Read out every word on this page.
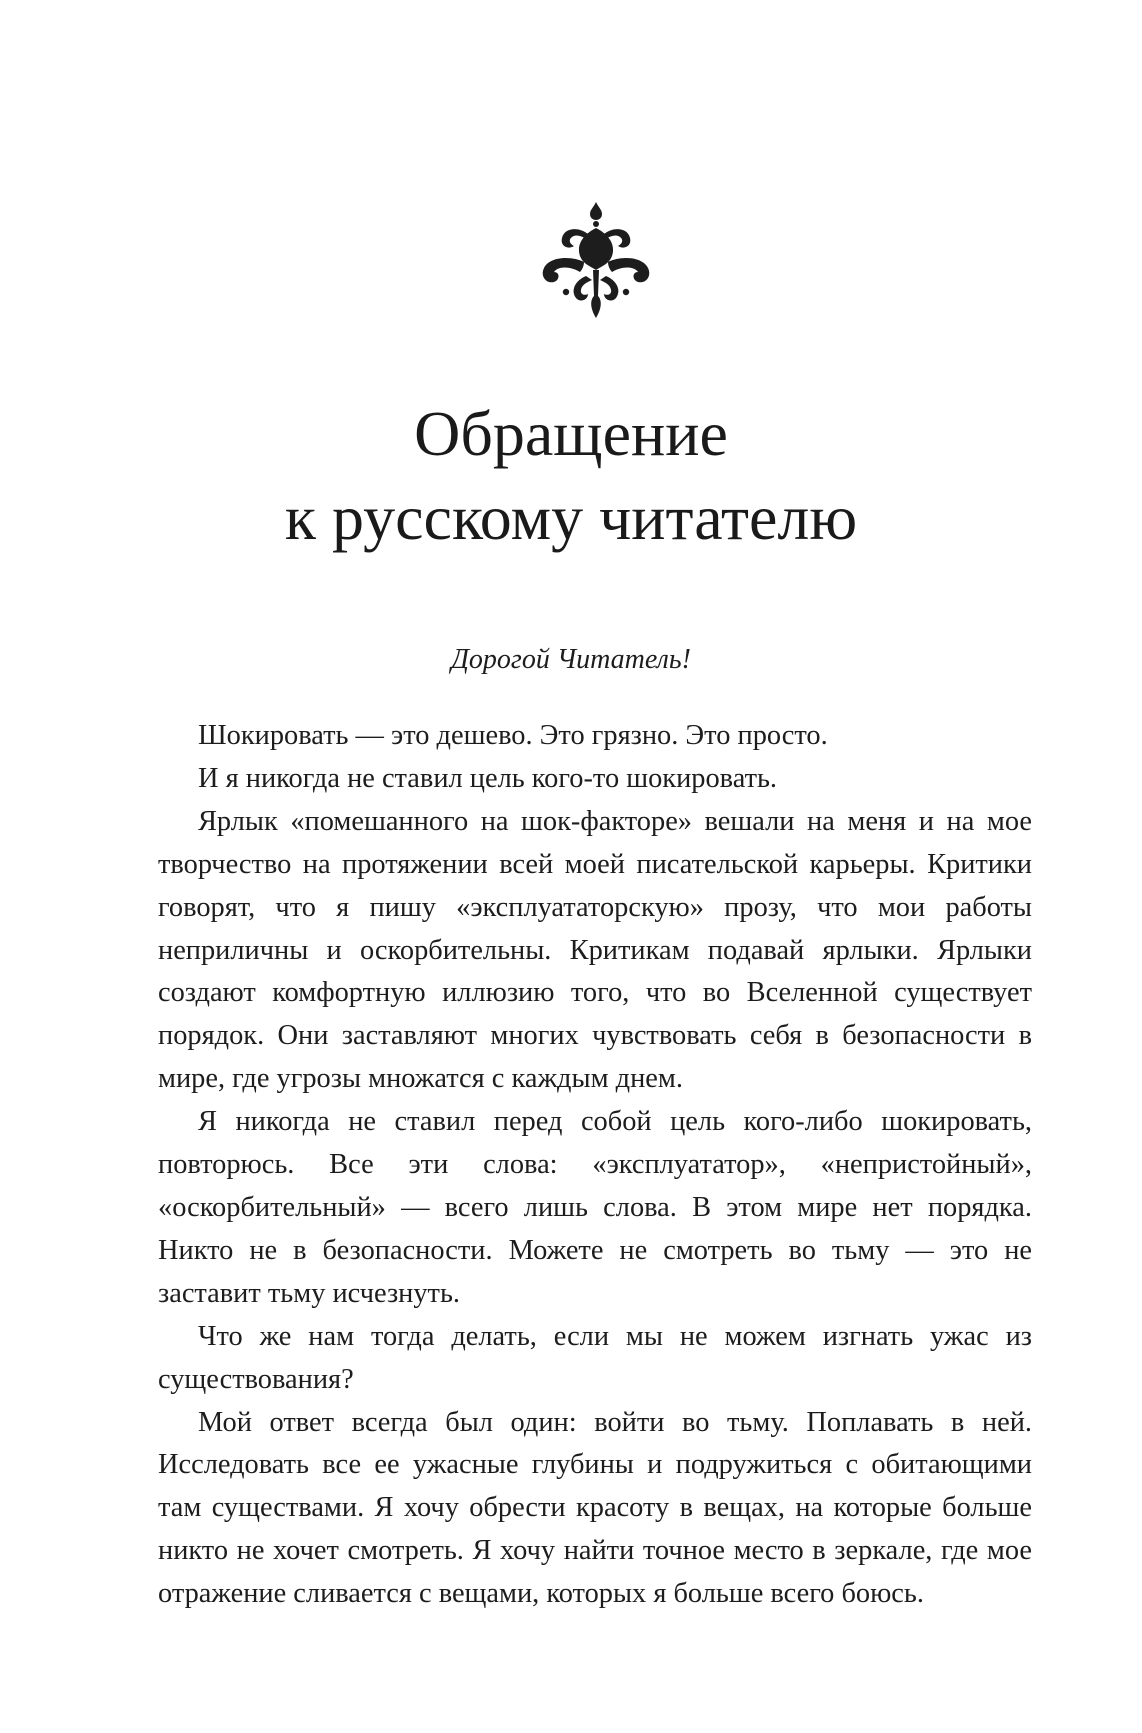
Обращение
к русскому читателю
Дорогой Читатель!

Шокировать — это дешево. Это грязно. Это просто.

И я никогда не ставил цель кого-то шокировать.

Ярлык «помешанного на шок-факторе» вешали на меня и на мое творчество на протяжении всей моей писательской карьеры. Критики говорят, что я пишу «эксплуататорскую» прозу, что мои работы неприличны и оскорбительны. Критикам подавай ярлыки. Ярлыки создают комфортную иллюзию того, что во Вселенной существует порядок. Они заставляют многих чувствовать себя в безопасности в мире, где угрозы множатся с каждым днем.

Я никогда не ставил перед собой цель кого-либо шокировать, повторюсь. Все эти слова: «эксплуататор», «непристойный», «оскорбительный» — всего лишь слова. В этом мире нет порядка. Никто не в безопасности. Можете не смотреть во тьму — это не заставит тьму исчезнуть.

Что же нам тогда делать, если мы не можем изгнать ужас из существования?

Мой ответ всегда был один: войти во тьму. Поплавать в ней. Исследовать все ее ужасные глубины и подружиться с обитающими там существами. Я хочу обрести красоту в вещах, на которые больше никто не хочет смотреть. Я хочу найти точное место в зеркале, где мое отражение сливается с вещами, которых я больше всего боюсь.
